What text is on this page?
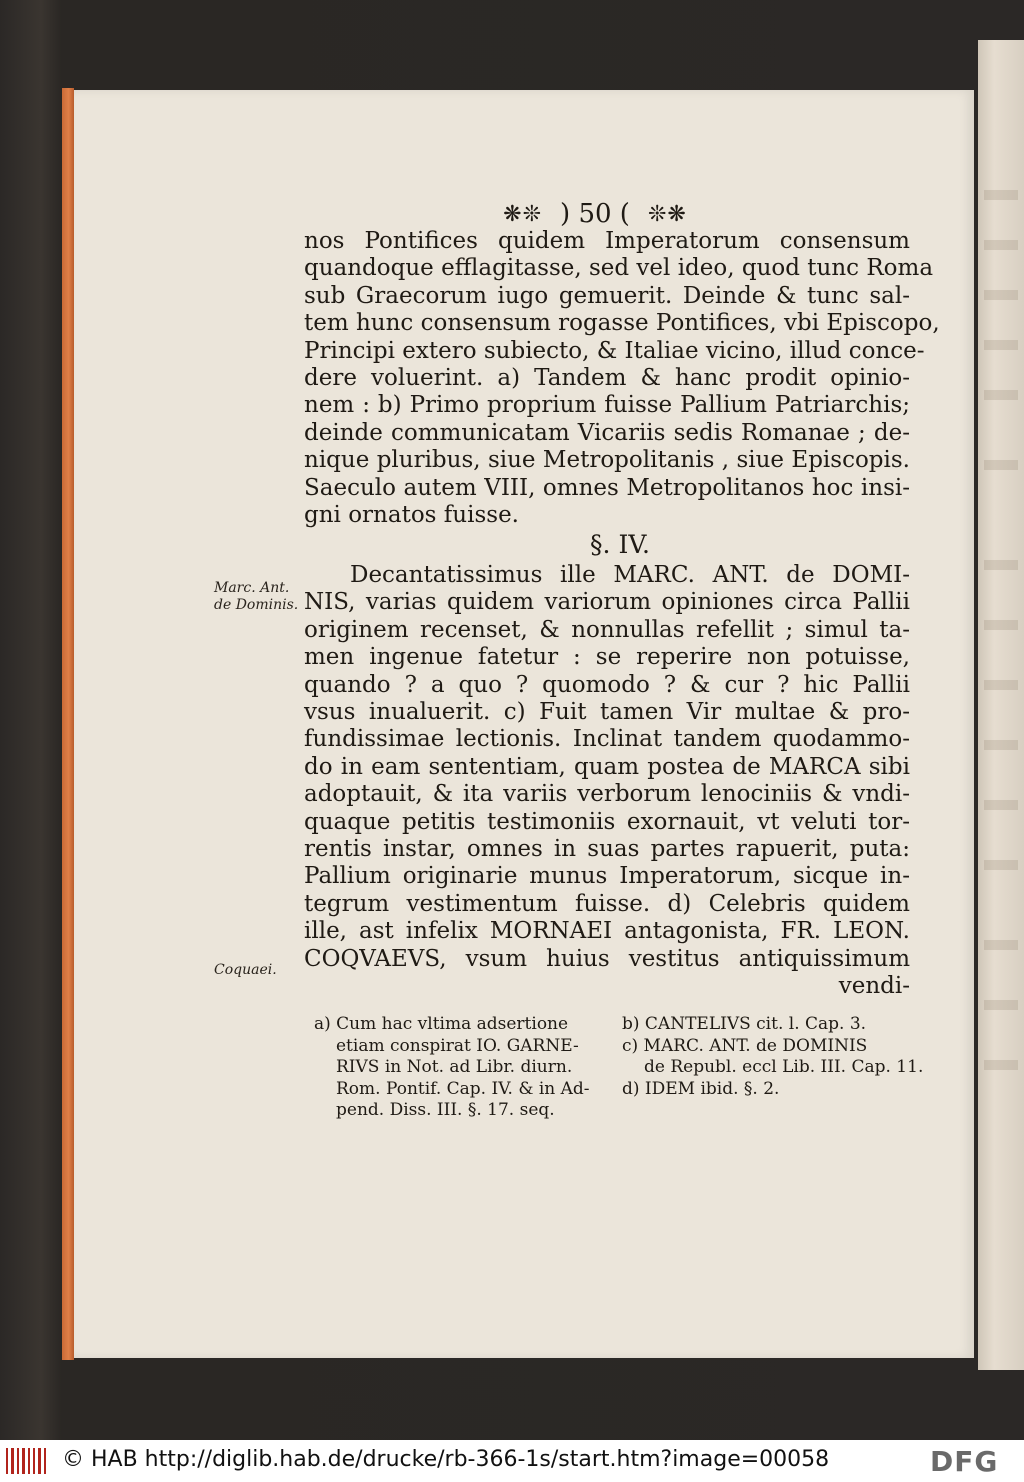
❋❊ ) 50 ( ❊❋
nos Pontifices quidem Imperatorum consensum
quandoque efflagitasse, sed vel ideo, quod tunc Roma
sub Graecorum iugo gemuerit. Deinde & tunc sal-
tem hunc consensum rogasse Pontifices, vbi Episcopo,
Principi extero subiecto, & Italiae vicino, illud conce-
dere voluerint. a) Tandem & hanc prodit opinio-
nem : b) Primo proprium fuisse Pallium Patriarchis;
deinde communicatam Vicariis sedis Romanae ; de-
nique pluribus, siue Metropolitanis , siue Episcopis.
Saeculo autem VIII, omnes Metropolitanos hoc insi-
gni ornatos fuisse.
§. IV.
Marc. Ant.
de Dominis.
Coquaei.
Decantatissimus ille MARC. ANT. de DOMI-
NIS, varias quidem variorum opiniones circa Pallii
originem recenset, & nonnullas refellit ; simul ta-
men ingenue fatetur : se reperire non potuisse,
quando ? a quo ? quomodo ? & cur ? hic Pallii
vsus inualuerit. c) Fuit tamen Vir multae & pro-
fundissimae lectionis. Inclinat tandem quodammo-
do in eam sententiam, quam postea de MARCA sibi
adoptauit, & ita variis verborum lenociniis & vndi-
quaque petitis testimoniis exornauit, vt veluti tor-
rentis instar, omnes in suas partes rapuerit, puta:
Pallium originarie munus Imperatorum, sicque in-
tegrum vestimentum fuisse. d) Celebris quidem
ille, ast infelix MORNAEI antagonista, FR. LEON.
COQVAEVS, vsum huius vestitus antiquissimum
vendi-
a) Cum hac vltima adsertione
etiam conspirat IO. GARNE-
RIVS in Not. ad Libr. diurn.
Rom. Pontif. Cap. IV. & in Ad-
pend. Diss. III. §. 17. seq.
b) CANTELIVS cit. l. Cap. 3.
c) MARC. ANT. de DOMINIS
de Republ. eccl Lib. III. Cap. 11.
d) IDEM ibid. §. 2.
© HAB http://diglib.hab.de/drucke/rb-366-1s/start.htm?image=00058	DFG
